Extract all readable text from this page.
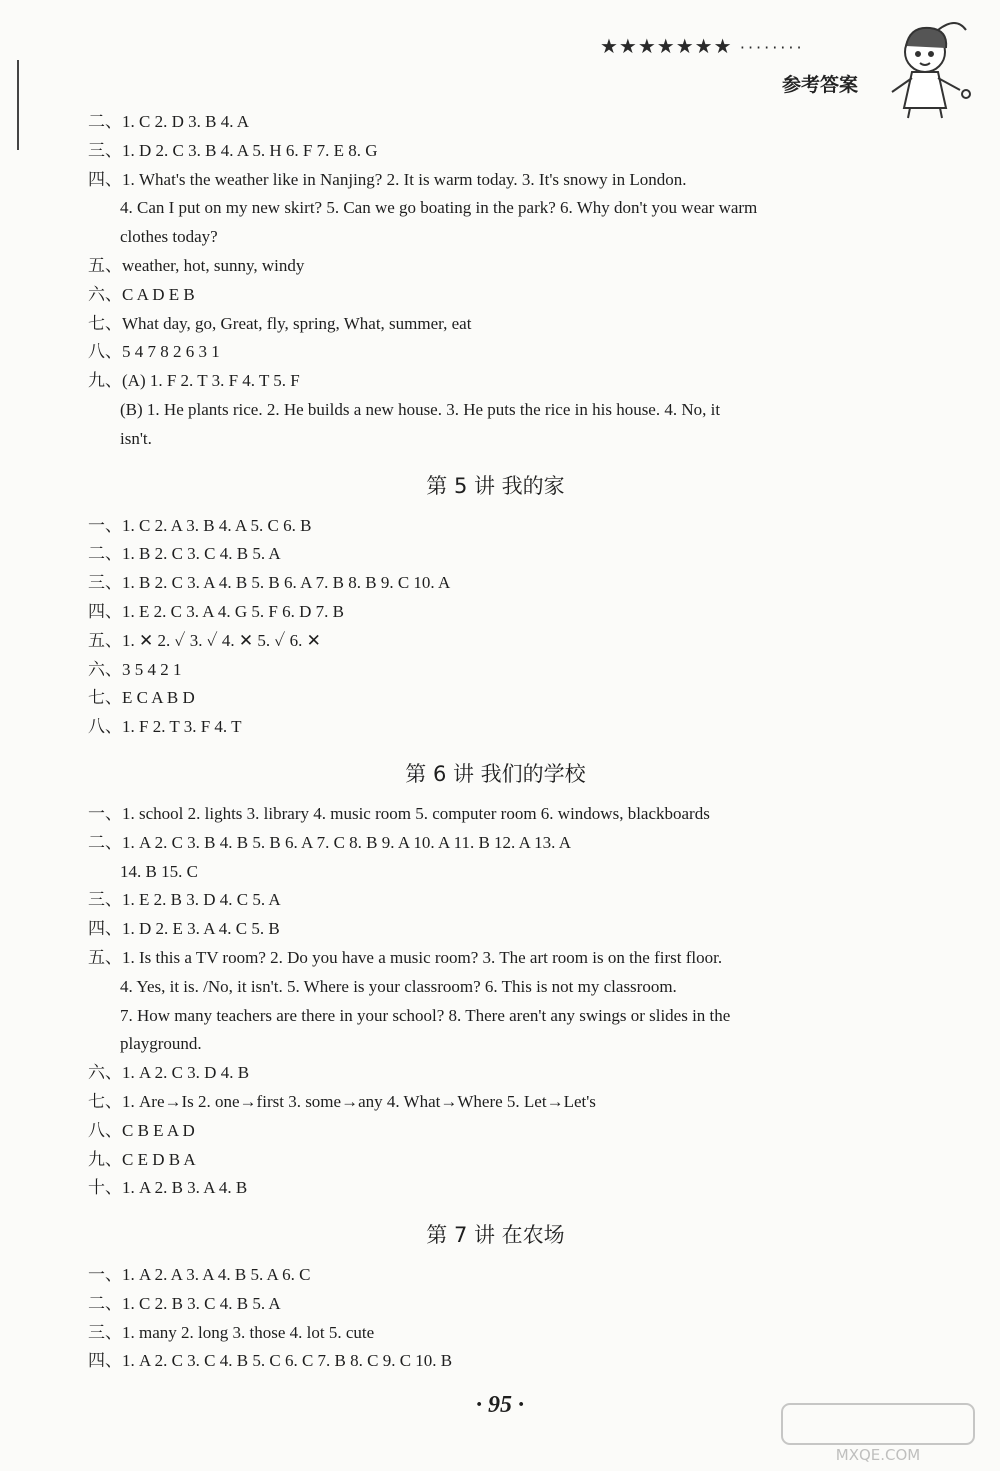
★★★★★★★ ········
参考答案
二、1. C 2. D 3. B 4. A
三、1. D 2. C 3. B 4. A 5. H 6. F 7. E 8. G
四、1. What's the weather like in Nanjing? 2. It is warm today. 3. It's snowy in London.
4. Can I put on my new skirt? 5. Can we go boating in the park? 6. Why don't you wear warm
clothes today?
五、weather, hot, sunny, windy
六、C A D E B
七、What day, go, Great, fly, spring, What, summer, eat
八、5 4 7 8 2 6 3 1
九、(A) 1. F 2. T 3. F 4. T 5. F
(B) 1. He plants rice. 2. He builds a new house. 3. He puts the rice in his house. 4. No, it
isn't.
第 5 讲 我的家
一、1. C 2. A 3. B 4. A 5. C 6. B
二、1. B 2. C 3. C 4. B 5. A
三、1. B 2. C 3. A 4. B 5. B 6. A 7. B 8. B 9. C 10. A
四、1. E 2. C 3. A 4. G 5. F 6. D 7. B
五、1. ✕ 2. ✓ 3. ✓ 4. ✕ 5. ✓ 6. ✕
六、3 5 4 2 1
七、E C A B D
八、1. F 2. T 3. F 4. T
第 6 讲 我们的学校
一、1. school 2. lights 3. library 4. music room 5. computer room 6. windows, blackboards
二、1. A 2. C 3. B 4. B 5. B 6. A 7. C 8. B 9. A 10. A 11. B 12. A 13. A
14. B 15. C
三、1. E 2. B 3. D 4. C 5. A
四、1. D 2. E 3. A 4. C 5. B
五、1. Is this a TV room? 2. Do you have a music room? 3. The art room is on the first floor.
4. Yes, it is. /No, it isn't. 5. Where is your classroom? 6. This is not my classroom.
7. How many teachers are there in your school? 8. There aren't any swings or slides in the
playground.
六、1. A 2. C 3. D 4. B
七、1. Are→Is 2. one→first 3. some→any 4. What→Where 5. Let→Let's
八、C B E A D
九、C E D B A
十、1. A 2. B 3. A 4. B
第 7 讲 在农场
一、1. A 2. A 3. A 4. B 5. A 6. C
二、1. C 2. B 3. C 4. B 5. A
三、1. many 2. long 3. those 4. lot 5. cute
四、1. A 2. C 3. C 4. B 5. C 6. C 7. B 8. C 9. C 10. B
· 95 ·
MXQE.COM
